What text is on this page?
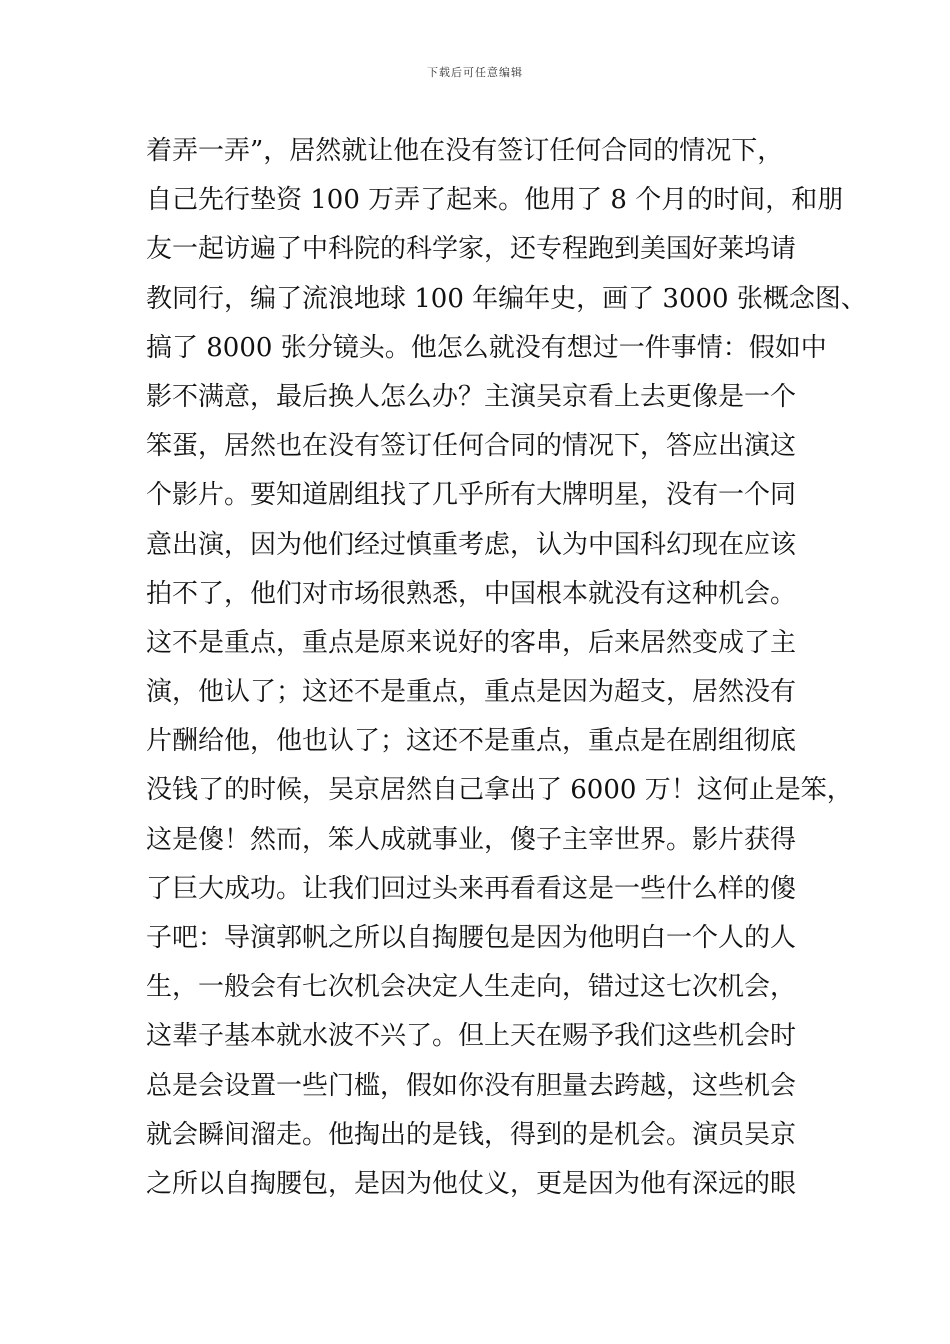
下载后可任意编辑
着弄一弄”，居然就让他在没有签订任何合同的情况下，
自己先行垫资 100 万弄了起来。他用了 8 个月的时间，和朋
友一起访遍了中科院的科学家，还专程跑到美国好莱坞请
教同行，编了流浪地球 100 年编年史，画了 3000 张概念图、
搞了 8000 张分镜头。他怎么就没有想过一件事情：假如中
影不满意，最后换人怎么办？主演吴京看上去更像是一个
笨蛋，居然也在没有签订任何合同的情况下，答应出演这
个影片。要知道剧组找了几乎所有大牌明星，没有一个同
意出演，因为他们经过慎重考虑，认为中国科幻现在应该
拍不了，他们对市场很熟悉，中国根本就没有这种机会。
这不是重点，重点是原来说好的客串，后来居然变成了主
演，他认了；这还不是重点，重点是因为超支，居然没有
片酬给他，他也认了；这还不是重点，重点是在剧组彻底
没钱了的时候，吴京居然自己拿出了 6000 万！这何止是笨，
这是傻！然而，笨人成就事业，傻子主宰世界。影片获得
了巨大成功。让我们回过头来再看看这是一些什么样的傻
子吧：导演郭帆之所以自掏腰包是因为他明白一个人的人
生，一般会有七次机会决定人生走向，错过这七次机会，
这辈子基本就水波不兴了。但上天在赐予我们这些机会时
总是会设置一些门槛，假如你没有胆量去跨越，这些机会
就会瞬间溜走。他掏出的是钱，得到的是机会。演员吴京
之所以自掏腰包，是因为他仗义，更是因为他有深远的眼
